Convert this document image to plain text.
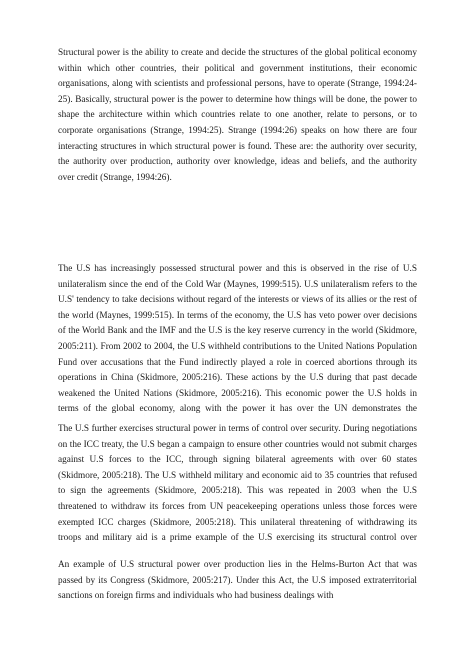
Structural power is the ability to create and decide the structures of the global political economy within which other countries, their political and government institutions, their economic organisations, along with scientists and professional persons, have to operate (Strange, 1994:24-25). Basically, structural power is the power to determine how things will be done, the power to shape the architecture within which countries relate to one another, relate to persons, or to corporate organisations (Strange, 1994:25). Strange (1994:26) speaks on how there are four interacting structures in which structural power is found. These are: the authority over security, the authority over production, authority over knowledge, ideas and beliefs, and the authority over credit (Strange, 1994:26).

The U.S has increasingly possessed structural power and this is observed in the rise of U.S unilateralism since the end of the Cold War (Maynes, 1999:515). U.S unilateralism refers to the U.S' tendency to take decisions without regard of the interests or views of its allies or the rest of the world (Maynes, 1999:515). In terms of the economy, the U.S has veto power over decisions of the World Bank and the IMF and the U.S is the key reserve currency in the world (Skidmore, 2005:211). From 2002 to 2004, the U.S withheld contributions to the United Nations Population Fund over accusations that the Fund indirectly played a role in coerced abortions through its operations in China (Skidmore, 2005:216). These actions by the U.S during that past decade weakened the United Nations (Skidmore, 2005:216). This economic power the U.S holds in terms of the global economy, along with the power it has over the UN demonstrates the

The U.S further exercises structural power in terms of control over security. During negotiations on the ICC treaty, the U.S began a campaign to ensure other countries would not submit charges against U.S forces to the ICC, through signing bilateral agreements with over 60 states (Skidmore, 2005:218). The U.S withheld military and economic aid to 35 countries that refused to sign the agreements (Skidmore, 2005:218). This was repeated in 2003 when the U.S threatened to withdraw its forces from UN peacekeeping operations unless those forces were exempted ICC charges (Skidmore, 2005:218). This unilateral threatening of withdrawing its troops and military aid is a prime example of the U.S exercising its structural control over

An example of U.S structural power over production lies in the Helms-Burton Act that was passed by its Congress (Skidmore, 2005:217). Under this Act, the U.S imposed extraterritorial sanctions on foreign firms and individuals who had business dealings with
